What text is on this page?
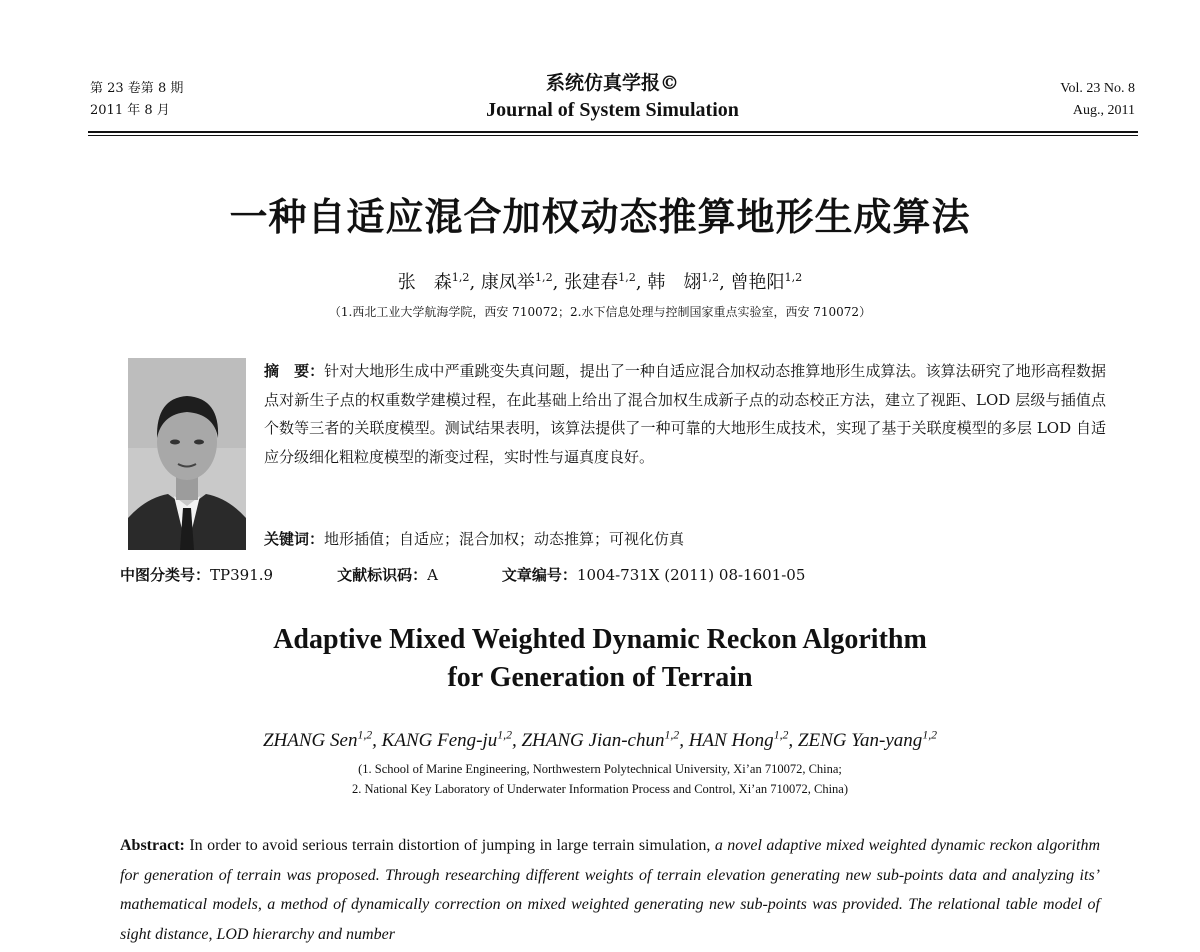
第 23 卷第 8 期
2011 年 8 月
系统仿真学报©
Journal of System Simulation
Vol. 23 No. 8
Aug., 2011
一种自适应混合加权动态推算地形生成算法
张　森$^{1,2}$, 康凤举$^{1,2}$, 张建春$^{1,2}$, 韩　翃$^{1,2}$, 曾艳阳$^{1,2}$
（1.西北工业大学航海学院，西安 710072；2.水下信息处理与控制国家重点实验室，西安 710072）
摘　要：针对大地形生成中严重跳变失真问题，提出了一种自适应混合加权动态推算地形生成算法。该算法研究了地形高程数据点对新生子点的权重数学建模过程，在此基础上给出了混合加权生成新子点的动态校正方法，建立了视距、LOD 层级与插值点个数等三者的关联度模型。测试结果表明，该算法提供了一种可靠的大地形生成技术，实现了基于关联度模型的多层 LOD 自适应分级细化粗粒度模型的渐变过程，实时性与逼真度良好。
关键词：地形插值；自适应；混合加权；动态推算；可视化仿真
中图分类号：TP391.9	文献标识码：A	文章编号：1004-731X (2011) 08-1601-05
Adaptive Mixed Weighted Dynamic Reckon Algorithm
for Generation of Terrain
ZHANG Sen$^{1,2}$, KANG Feng-ju$^{1,2}$, ZHANG Jian-chun$^{1,2}$, HAN Hong$^{1,2}$, ZENG Yan-yang$^{1,2}$
(1. School of Marine Engineering, Northwestern Polytechnical University, Xi’an 710072, China;
2. National Key Laboratory of Underwater Information Process and Control, Xi’an 710072, China)
Abstract: In order to avoid serious terrain distortion of jumping in large terrain simulation, a novel adaptive mixed weighted dynamic reckon algorithm for generation of terrain was proposed. Through researching different weights of terrain elevation generating new sub-points data and analyzing its’ mathematical models, a method of dynamically correction on mixed weighted generating new sub-points was provided. The relational table model of sight distance, LOD hierarchy and number
